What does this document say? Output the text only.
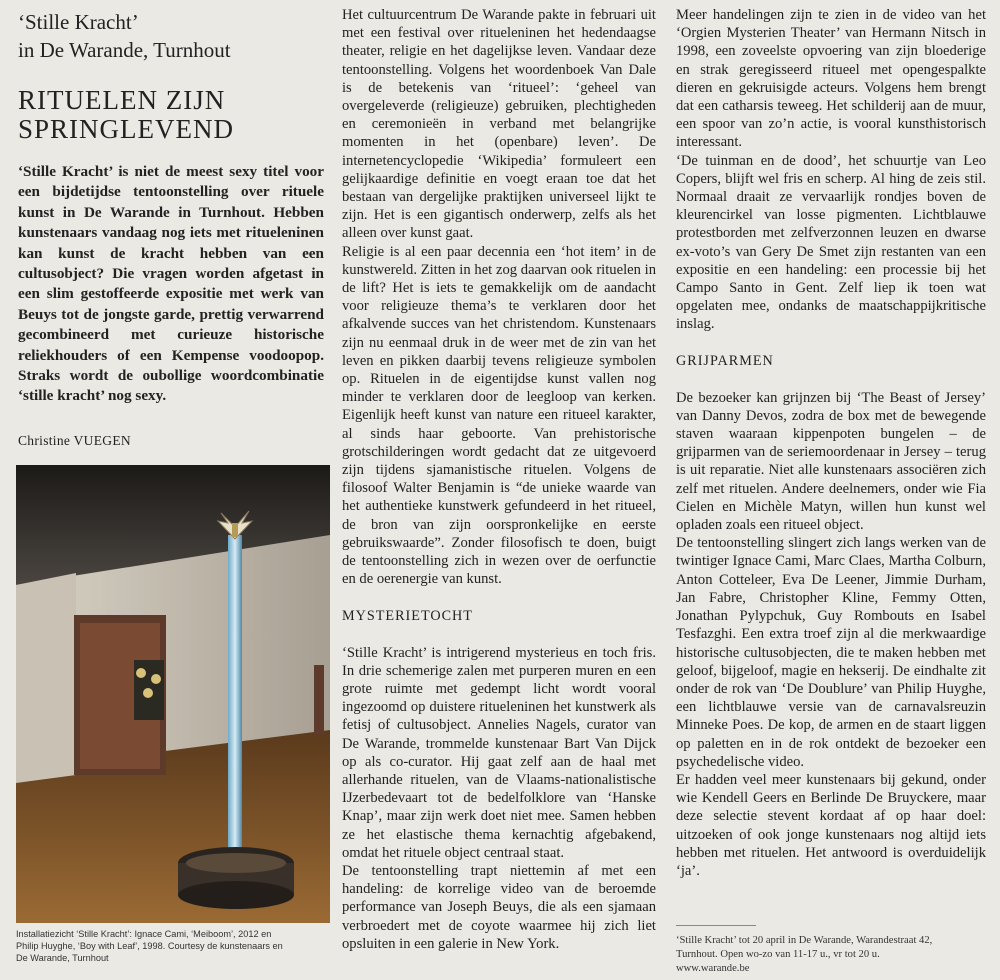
‘Stille Kracht’
in De Warande, Turnhout
RITUELEN ZIJN
SPRINGLEVEND

‘Stille Kracht’ is niet de meest sexy titel voor een bijdetijdse tentoonstelling over rituele kunst in De Warande in Turnhout. Hebben kunstenaars vandaag nog iets met ritueleninen kan kunst de kracht hebben van een cultusobject? Die vragen worden afgetast in een slim gestoffeerde expositie met werk van Beuys tot de jongste garde, prettig verwarrend gecombineerd met curieuze historische reliekhouders of een Kempense voodoopop. Straks wordt de oubollige woordcombinatie ‘stille kracht’ nog sexy.

Christine VUEGEN

Installatiezicht ‘Stille Kracht’: Ignace Cami, ‘Meiboom’, 2012 en

Philip Huyghe, ‘Boy with Leaf’, 1998. Courtesy de kunstenaars en

De Warande, Turnhout

Het cultuurcentrum De Warande pakte in februari uit met een festival over ritueleninen het hedendaagse theater, religie en het dagelijkse leven. Vandaar deze tentoonstelling. Volgens het woordenboek Van Dale is de betekenis van ‘ritueel’: ‘geheel van overgeleverde (religieuze) gebruiken, plechtigheden en ceremonieën in verband met belangrijke momenten in het (openbare) leven’. De internetencyclopedie ‘Wikipedia’ formuleert een gelijkaardige definitie en voegt eraan toe dat het bestaan van dergelijke praktijken universeel lijkt te zijn. Het is een gigantisch onderwerp, zelfs als het alleen over kunst gaat.

Religie is al een paar decennia een ‘hot item’ in de kunstwereld. Zitten in het zog daarvan ook rituelen in de lift? Het is iets te gemakkelijk om de aandacht voor religieuze thema’s te verklaren door het afkalvende succes van het christendom. Kunstenaars zijn nu eenmaal druk in de weer met de zin van het leven en pikken daarbij tevens religieuze symbolen op. Rituelen in de eigentijdse kunst vallen nog minder te verklaren door de leegloop van kerken. Eigenlijk heeft kunst van nature een ritueel karakter, al sinds haar geboorte. Van prehistorische grotschilderingen wordt gedacht dat ze uitgevoerd zijn tijdens sjamanistische rituelen. Volgens de filosoof Walter Benjamin is “de unieke waarde van het authentieke kunstwerk gefundeerd in het ritueel, de bron van zijn oorspronkelijke en eerste gebruikswaarde”. Zonder filosofisch te doen, buigt de tentoonstelling zich in wezen over de oerfunctie en de oerenergie van kunst.

MYSTERIETOCHT

‘Stille Kracht’ is intrigerend mysterieus en toch fris. In drie schemerige zalen met purperen muren en een grote ruimte met gedempt licht wordt vooral ingezoomd op duistere ritueleninen het kunstwerk als fetisj of cultusobject. Annelies Nagels, curator van De Warande, trommelde kunstenaar Bart Van Dijck op als co-curator. Hij gaat zelf aan de haal met allerhande rituelen, van de Vlaams-nationalistische IJzerbedevaart tot de bedelfolklore van ‘Hanske Knap’, maar zijn werk doet niet mee. Samen hebben ze het elastische thema kernachtig afgebakend, omdat het rituele object centraal staat.

De tentoonstelling trapt niettemin af met een handeling: de korrelige video van de beroemde performance van Joseph Beuys, die als een sjamaan verbroedert met de coyote waarmee hij zich liet opsluiten in een galerie in New York.

Meer handelingen zijn te zien in de video van het ‘Orgien Mysterien Theater’ van Hermann Nitsch in 1998, een zoveelste opvoering van zijn bloederige en strak geregisseerd ritueel met opengespalkte dieren en gekruisigde acteurs. Volgens hem brengt dat een catharsis teweeg. Het schilderij aan de muur, een spoor van zo’n actie, is vooral kunsthistorisch interessant.

‘De tuinman en de dood’, het schuurtje van Leo Copers, blijft wel fris en scherp. Al hing de zeis stil. Normaal draait ze vervaarlijk rondjes boven de kleurencirkel van losse pigmenten. Lichtblauwe protestborden met zelfverzonnen leuzen en dwarse ex-voto’s van Gery De Smet zijn restanten van een expositie en een handeling: een processie bij het Campo Santo in Gent. Zelf liep ik toen wat opgelaten mee, ondanks de maatschappijkritische inslag.

GRIJPARMEN

De bezoeker kan grijnzen bij ‘The Beast of Jersey’ van Danny Devos, zodra de box met de bewegende staven waaraan kippenpoten bungelen – de grijparmen van de seriemoordenaar in Jersey – terug is uit reparatie. Niet alle kunstenaars associëren zich zelf met rituelen. Andere deelnemers, onder wie Fia Cielen en Michèle Matyn, willen hun kunst wel opladen zoals een ritueel object.

De tentoonstelling slingert zich langs werken van de twintiger Ignace Cami, Marc Claes, Martha Colburn, Anton Cotteleer, Eva De Leener, Jimmie Durham, Jan Fabre, Christopher Kline, Femmy Otten, Jonathan Pylypchuk, Guy Rombouts en Isabel Tesfazghi. Een extra troef zijn al die merkwaardige historische cultusobjecten, die te maken hebben met geloof, bijgeloof, magie en hekserij. De eindhalte zit onder de rok van ‘De Doublure’ van Philip Huyghe, een lichtblauwe versie van de carnavalsreuzin Minneke Poes. De kop, de armen en de staart liggen op paletten en in de rok ontdekt de bezoeker een psychedelische video.

Er hadden veel meer kunstenaars bij gekund, onder wie Kendell Geers en Berlinde De Bruyckere, maar deze selectie stevent kordaat af op haar doel: uitzoeken of ook jonge kunstenaars nog altijd iets hebben met rituelen. Het antwoord is overduidelijk ‘ja’.

‘Stille Kracht’ tot 20 april in De Warande, Warandestraat 42,

Turnhout. Open wo-zo van 11-17 u., vr tot 20 u.

www.warande.be
